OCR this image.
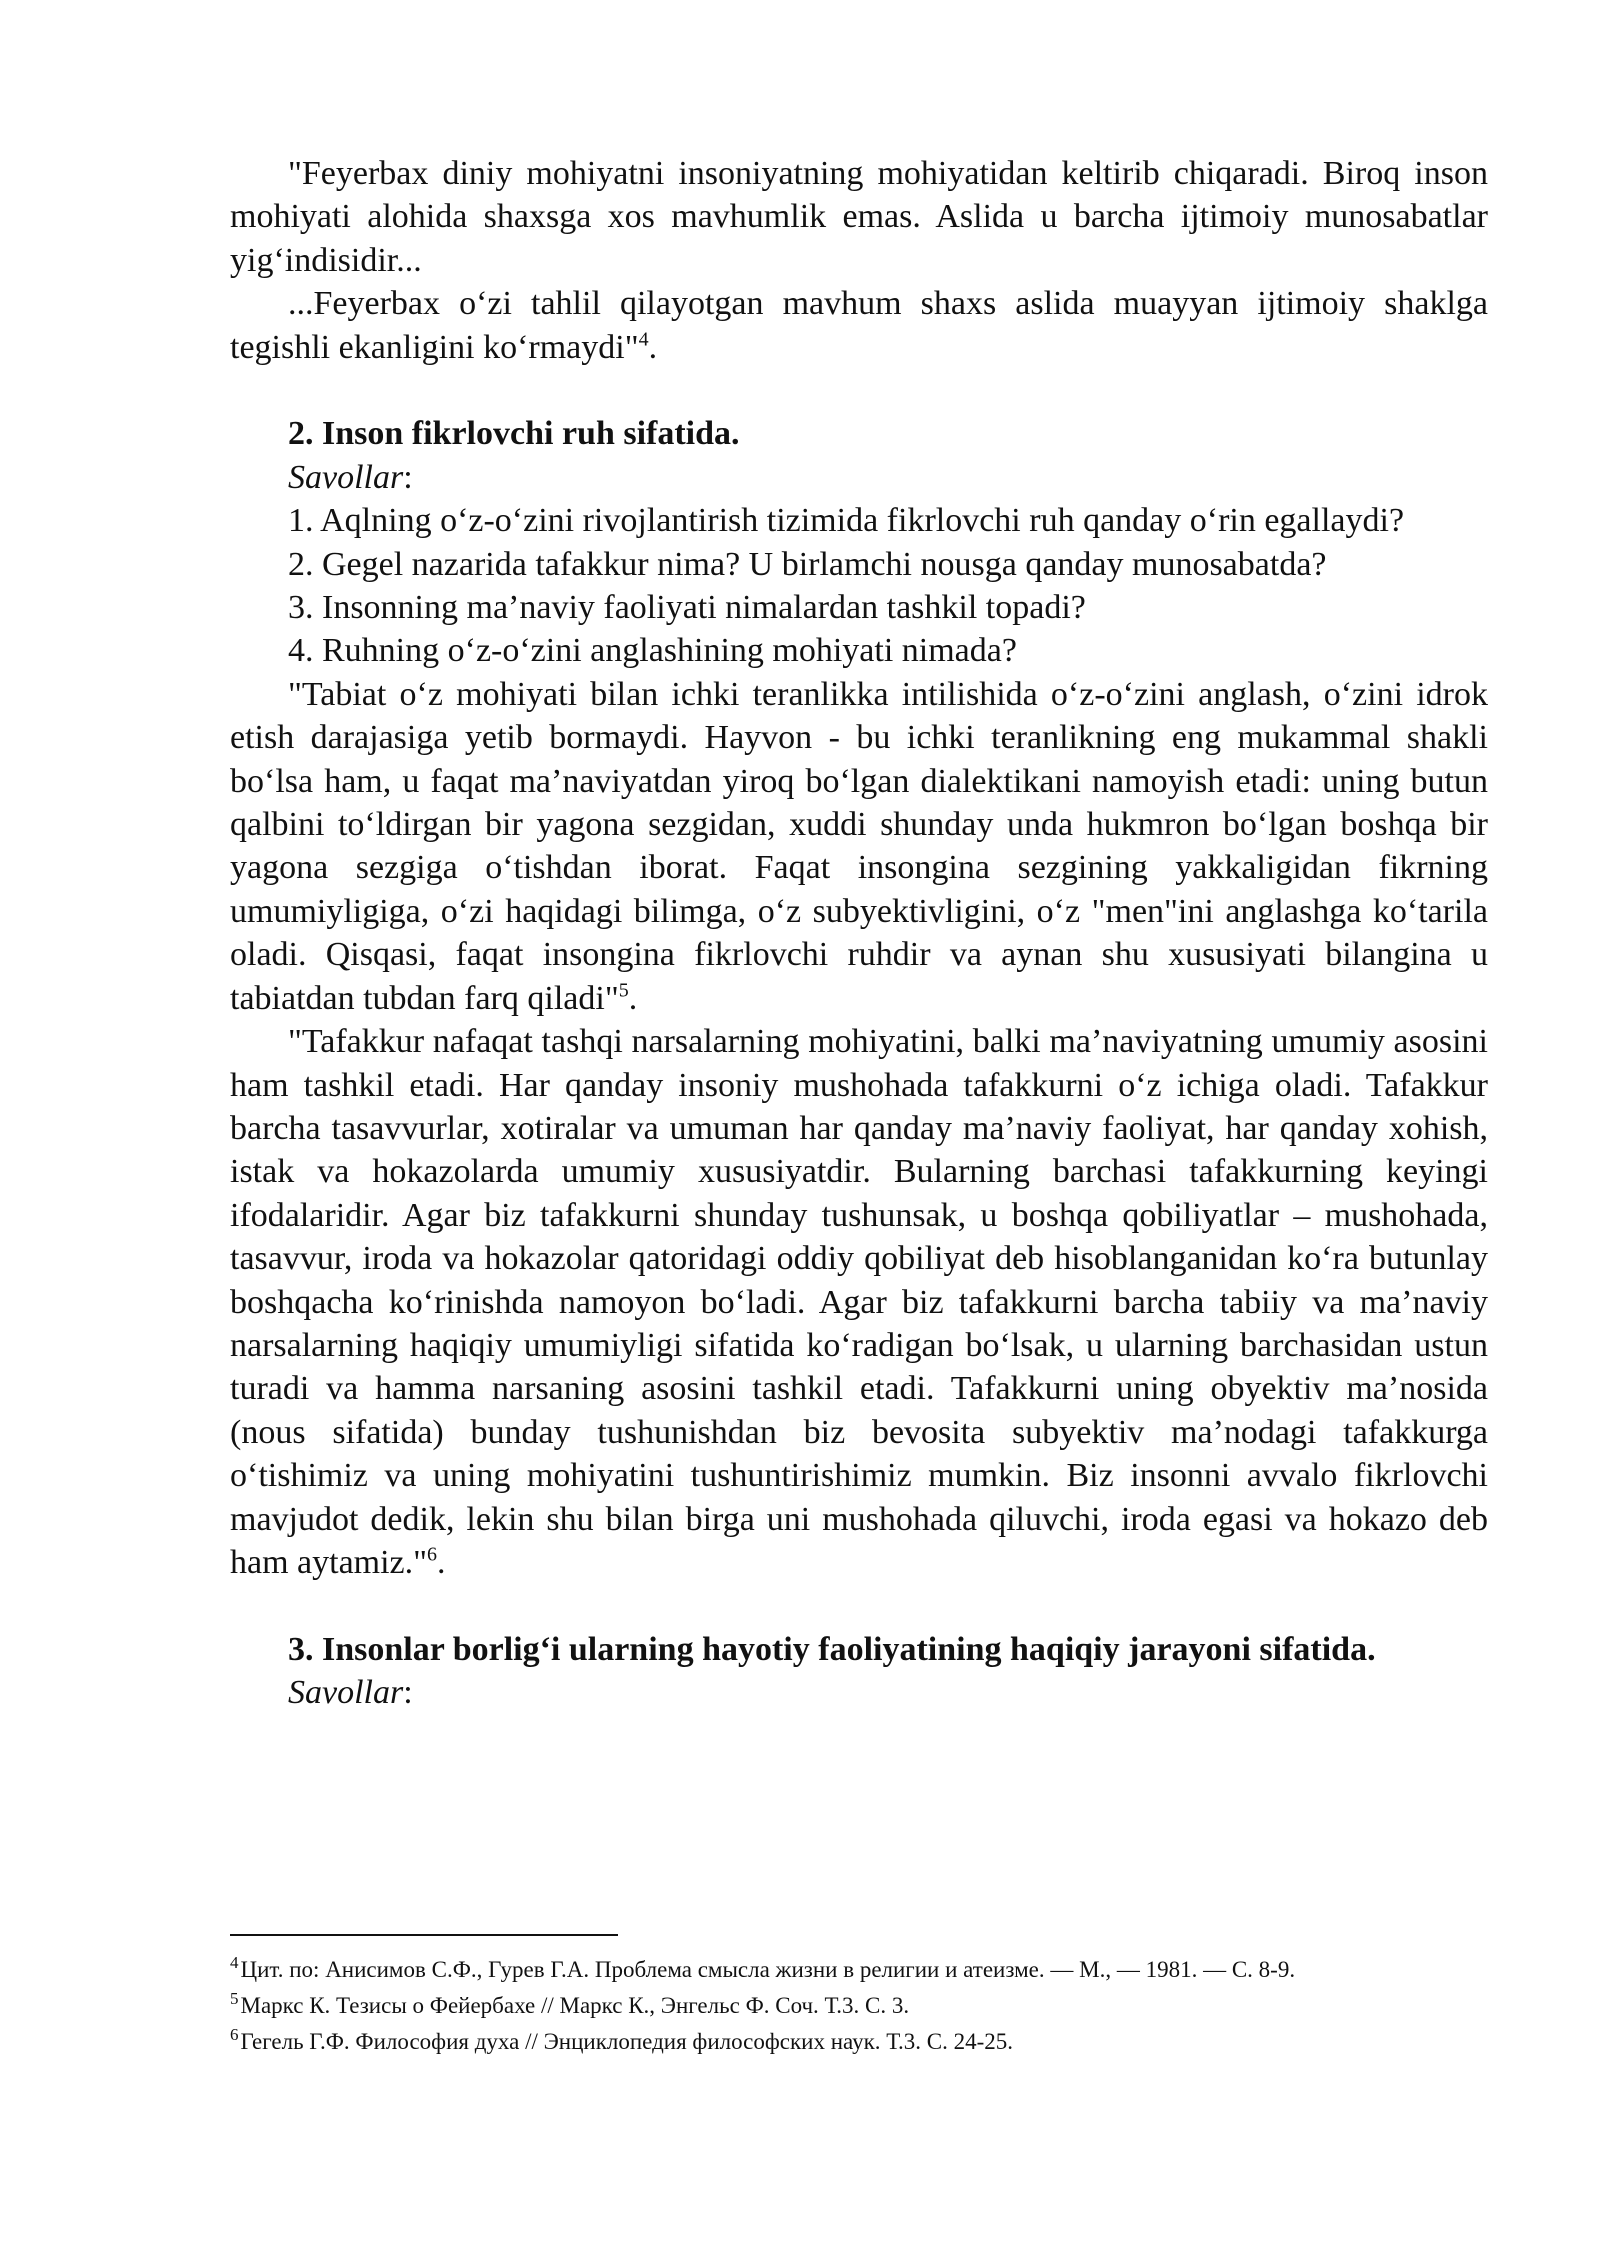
"Feyerbax diniy mohiyatni insoniyatning mohiyatidan keltirib chiqaradi. Biroq inson mohiyati alohida shaxsga xos mavhumlik emas. Aslida u barcha ijtimoiy munosabatlar yig‘indisidir...

...Feyerbax o‘zi tahlil qilayotgan mavhum shaxs aslida muayyan ijtimoiy shaklga tegishli ekanligini ko‘rmaydi"$^4$.

2. Inson fikrlovchi ruh sifatida.

Savollar:

1. Aqlning o‘z-o‘zini rivojlantirish tizimida fikrlovchi ruh qanday o‘rin egallaydi?

2. Gegel nazarida tafakkur nima? U birlamchi nousga qanday munosabatda?

3. Insonning ma’naviy faoliyati nimalardan tashkil topadi?

4. Ruhning o‘z-o‘zini anglashining mohiyati nimada?

"Tabiat o‘z mohiyati bilan ichki teranlikka intilishida o‘z-o‘zini anglash, o‘zini idrok etish darajasiga yetib bormaydi. Hayvon - bu ichki teranlikning eng mukammal shakli bo‘lsa ham, u faqat ma’naviyatdan yiroq bo‘lgan dialektikani namoyish etadi: uning butun qalbini to‘ldirgan bir yagona sezgidan, xuddi shunday unda hukmron bo‘lgan boshqa bir yagona sezgiga o‘tishdan iborat. Faqat insongina sezgining yakkaligidan fikrning umumiyligiga, o‘zi haqidagi bilimga, o‘z subyektivligini, o‘z "men"ini anglashga ko‘tarila oladi. Qisqasi, faqat insongina fikrlovchi ruhdir va aynan shu xususiyati bilangina u tabiatdan tubdan farq qiladi"$^5$.

"Tafakkur nafaqat tashqi narsalarning mohiyatini, balki ma’naviyatning umumiy asosini ham tashkil etadi. Har qanday insoniy mushohada tafakkurni o‘z ichiga oladi. Tafakkur barcha tasavvurlar, xotiralar va umuman har qanday ma’naviy faoliyat, har qanday xohish, istak va hokazolarda umumiy xususiyatdir. Bularning barchasi tafakkurning keyingi ifodalaridir. Agar biz tafakkurni shunday tushunsak, u boshqa qobiliyatlar – mushohada, tasavvur, iroda va hokazolar qatoridagi oddiy qobiliyat deb hisoblanganidan ko‘ra butunlay boshqacha ko‘rinishda namoyon bo‘ladi. Agar biz tafakkurni barcha tabiiy va ma’naviy narsalarning haqiqiy umumiyligi sifatida ko‘radigan bo‘lsak, u ularning barchasidan ustun turadi va hamma narsaning asosini tashkil etadi. Tafakkurni uning obyektiv ma’nosida (nous sifatida) bunday tushunishdan biz bevosita subyektiv ma’nodagi tafakkurga o‘tishimiz va uning mohiyatini tushuntirishimiz mumkin. Biz insonni avvalo fikrlovchi mavjudot dedik, lekin shu bilan birga uni mushohada qiluvchi, iroda egasi va hokazo deb ham aytamiz."$^6$.

3. Insonlar borlig‘i ularning hayotiy faoliyatining haqiqiy jarayoni sifatida.

Savollar:

$^4$Цит. по: Анисимов С.Ф., Гурев Г.А. Проблема смысла жизни в религии и атеизме. — М., — 1981. — С. 8-9.

$^5$Маркс К. Тезисы о Фейербахе // Маркс К., Энгельс Ф. Соч. Т.3. С. 3.

$^6$Гегель Г.Ф. Философия духа // Энциклопедия философских наук. Т.3. С. 24-25.
